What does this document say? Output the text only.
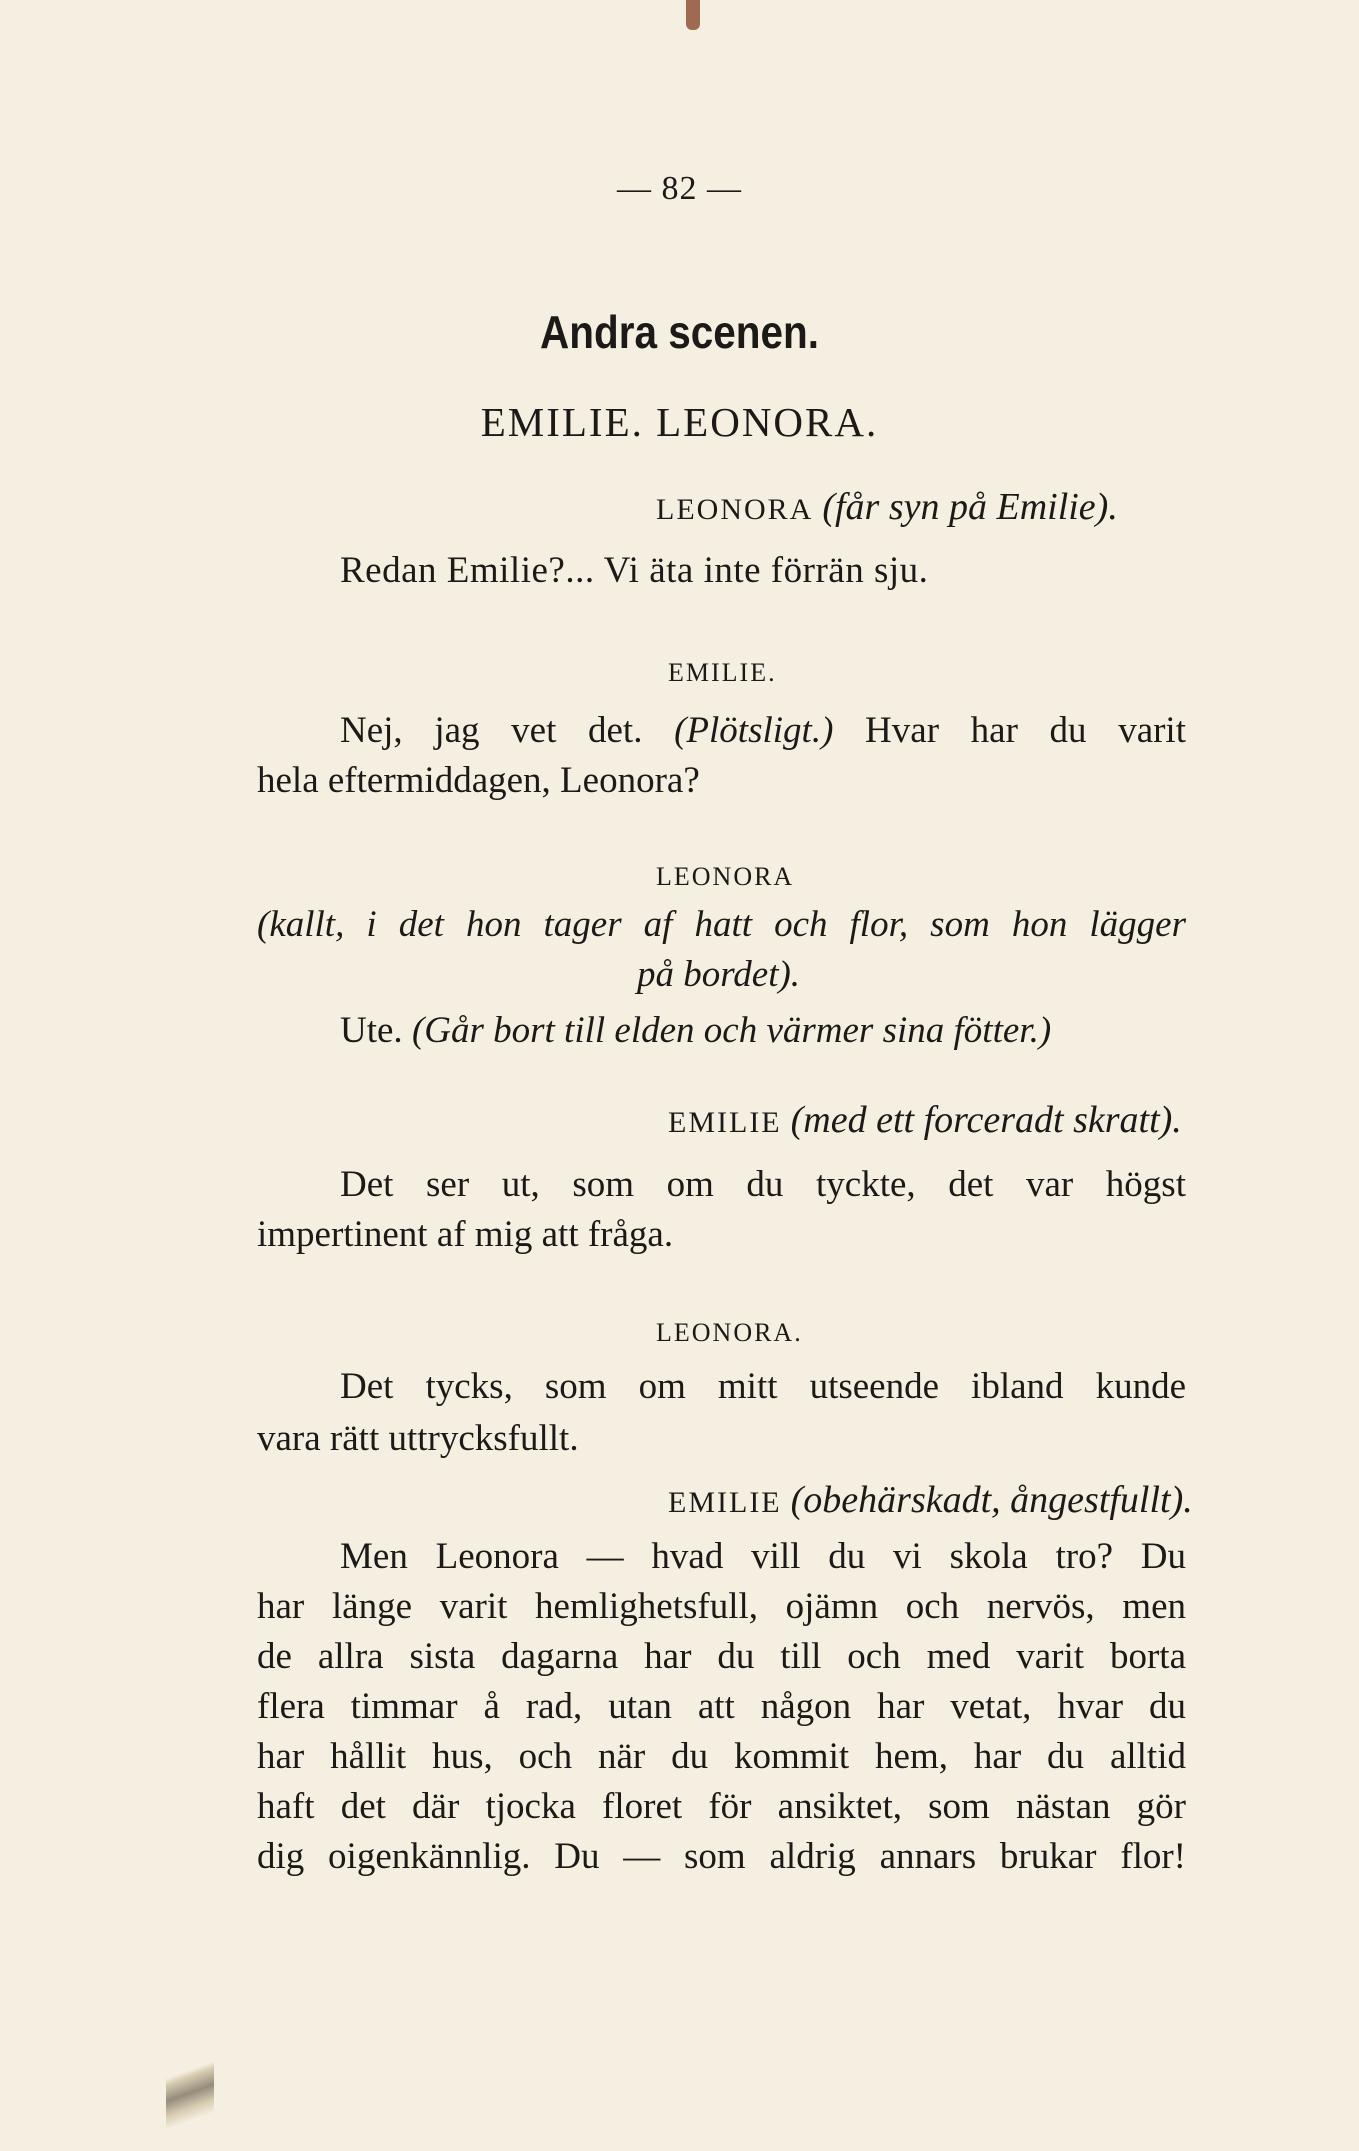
— 82 —
Andra scenen.
EMILIE. LEONORA.
LEONORA (får syn på Emilie).
Redan Emilie?... Vi äta inte förrän sju.
EMILIE.
Nej, jag vet det. (Plötsligt.) Hvar har du varit
hela eftermiddagen, Leonora?
LEONORA
(kallt, i det hon tager af hatt och flor, som hon lägger
på bordet).
Ute. (Går bort till elden och värmer sina fötter.)
EMILIE (med ett forceradt skratt).
Det ser ut, som om du tyckte, det var högst
impertinent af mig att fråga.
LEONORA.
Det tycks, som om mitt utseende ibland kunde
vara rätt uttrycksfullt.
EMILIE (obehärskadt, ångestfullt).
Men Leonora — hvad vill du vi skola tro? Du
har länge varit hemlighetsfull, ojämn och nervös, men
de allra sista dagarna har du till och med varit borta
flera timmar å rad, utan att någon har vetat, hvar du
har hållit hus, och när du kommit hem, har du alltid
haft det där tjocka floret för ansiktet, som nästan gör
dig oigenkännlig. Du — som aldrig annars brukar flor!
